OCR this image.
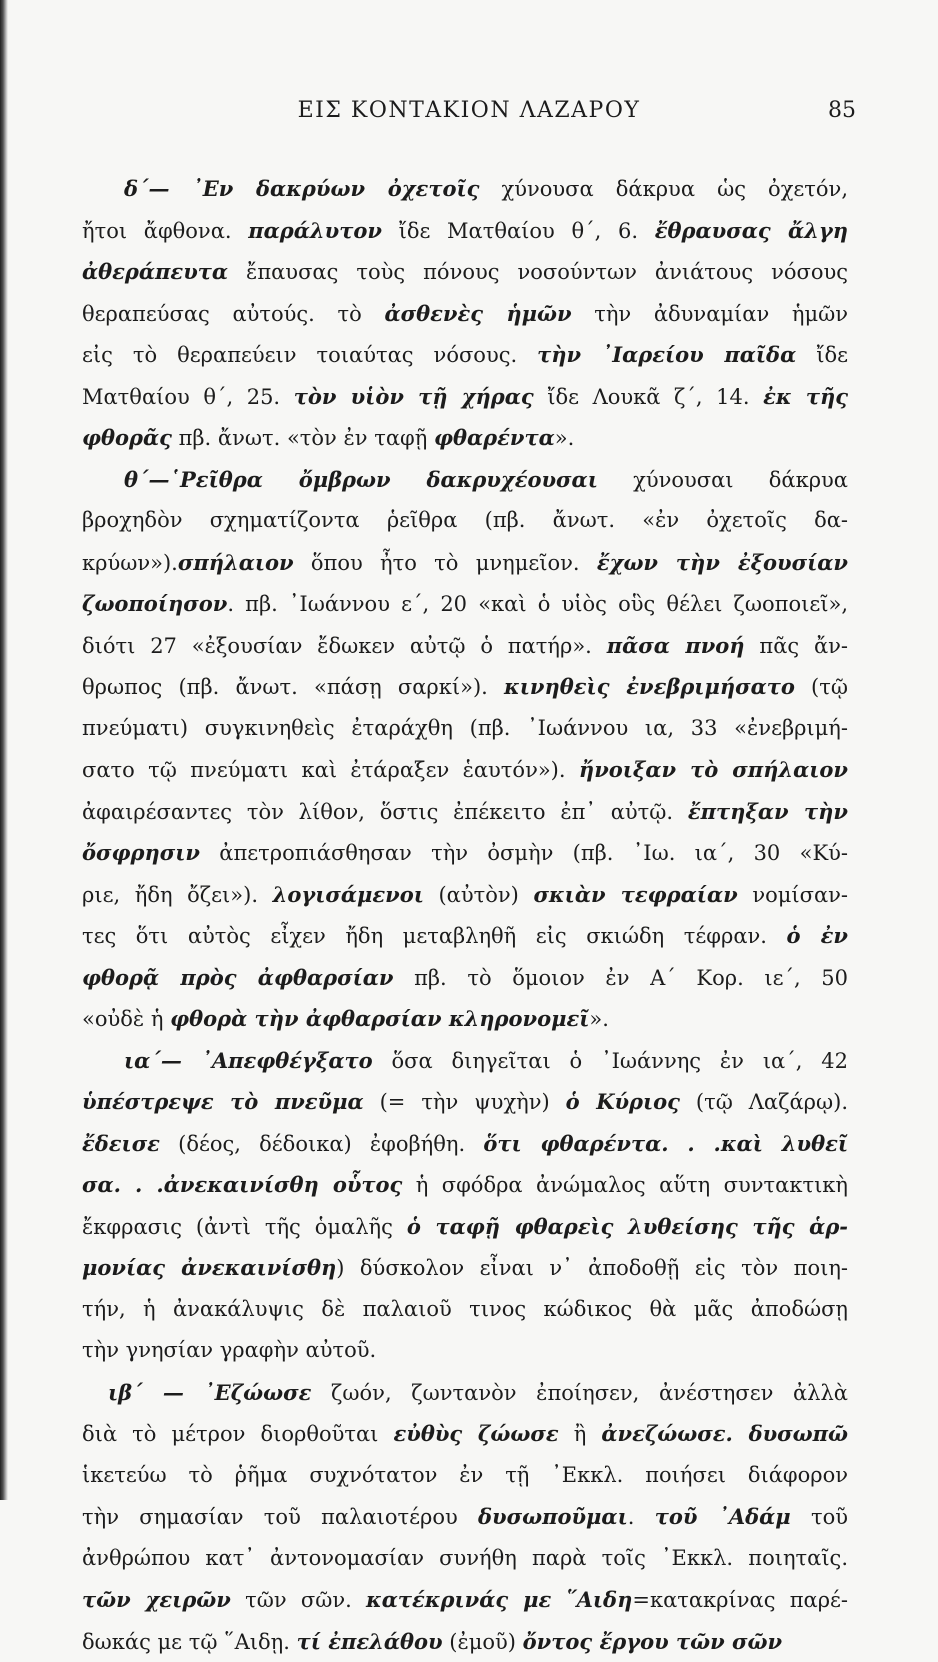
ΕΙΣ ΚΟΝΤΑΚΙΟΝ ΛΑΖΑΡΟΥ	85
δ΄— ᾽Εν δακρύων ὀχετοῖς χύνουσα δάκρυα ὡς ὀχετόν,
ἤτοι ἄφθονα. παράλυτον ἴδε Ματθαίου θ΄, 6. ἔθραυσας ἄλγη
ἀθεράπευτα ἔπαυσας τοὺς πόνους νοσούντων ἀνιάτους νόσους
θεραπεύσας αὐτούς. τὸ ἀσθενὲς ἡμῶν τὴν ἀδυναμίαν ἡμῶν
εἰς τὸ θεραπεύειν τοιαύτας νόσους. τὴν ᾽Ιαρείου παῖδα ἴδε
Ματθαίου θ΄, 25. τὸν υἱὸν τῇ χήρας ἴδε Λουκᾶ ζ΄, 14. ἐκ τῆς
φθορᾶς πβ. ἄνωτ. «τὸν ἐν ταφῇ φθαρέντα».
θ΄—῾Ρεῖθρα ὄμβρων δακρυχέουσαι χύνουσαι δάκρυα
βροχηδὸν σχηματίζοντα ῥεῖθρα (πβ. ἄνωτ. «ἐν ὀχετοῖς δα-
κρύων»).σπήλαιον ὅπου ἦτο τὸ μνημεῖον. ἔχων τὴν ἐξουσίαν
ζωοποίησον. πβ. ᾽Ιωάννου ε΄, 20 «καὶ ὁ υἱὸς οὓς θέλει ζωοποιεῖ»,
διότι 27 «ἐξουσίαν ἔδωκεν αὐτῷ ὁ πατήρ». πᾶσα πνοή πᾶς ἄν-
θρωπος (πβ. ἄνωτ. «πάσῃ σαρκί»). κινηθεὶς ἐνεβριμήσατο (τῷ
πνεύματι) συγκινηθεὶς ἐταράχθη (πβ. ᾽Ιωάννου ια, 33 «ἐνεβριμή-
σατο τῷ πνεύματι καὶ ἐτάραξεν ἑαυτόν»). ἤνοιξαν τὸ σπήλαιον
ἀφαιρέσαντες τὸν λίθον, ὅστις ἐπέκειτο ἐπ᾽ αὐτῷ. ἔπτηξαν τὴν
ὄσφρησιν ἀπετροπιάσθησαν τὴν ὀσμὴν (πβ. ᾽Ιω. ια΄, 30 «Κύ-
ριε, ἤδη ὄζει»). λογισάμενοι (αὐτὸν) σκιὰν τεφραίαν νομίσαν-
τες ὅτι αὐτὸς εἶχεν ἤδη μεταβληθῆ εἰς σκιώδη τέφραν. ὁ ἐν
φθορᾷ πρὸς ἀφθαρσίαν πβ. τὸ ὅμοιον ἐν Α΄ Κορ. ιε΄, 50
«οὐδὲ ἡ φθορὰ τὴν ἀφθαρσίαν κληρονομεῖ».
ια΄— ᾽Απεφθέγξατο ὅσα διηγεῖται ὁ ᾽Ιωάννης ἐν ια΄, 42
ὑπέστρεψε τὸ πνεῦμα (= τὴν ψυχὴν) ὁ Κύριος (τῷ Λαζάρῳ).
ἔδεισε (δέος, δέδοικα) ἐφοβήθη. ὅτι φθαρέντα. . .καὶ λυθεῖ
σα. . .ἀνεκαινίσθη οὗτος ἡ σφόδρα ἀνώμαλος αὕτη συντακτικὴ
ἔκφρασις (ἀντὶ τῆς ὁμαλῆς ὁ ταφῇ φθαρεὶς λυθείσης τῆς ἁρ-
μονίας ἀνεκαινίσθη) δύσκολον εἶναι ν᾽ ἀποδοθῇ εἰς τὸν ποιη-
τήν, ἡ ἀνακάλυψις δὲ παλαιοῦ τινος κώδικος θὰ μᾶς ἀποδώσῃ
τὴν γνησίαν γραφὴν αὐτοῦ.
ιβ΄ — ᾽Εζώωσε ζωόν, ζωντανὸν ἐποίησεν, ἀνέστησεν ἀλλὰ
διὰ τὸ μέτρον διορθοῦται εὐθὺς ζώωσε ἢ ἀνεζώωσε. δυσωπῶ
ἱκετεύω τὸ ῥῆμα συχνότατον ἐν τῇ ᾽Εκκλ. ποιήσει διάφορον
τὴν σημασίαν τοῦ παλαιοτέρου δυσωποῦμαι. τοῦ ᾽Αδάμ τοῦ
ἀνθρώπου κατ᾽ ἀντονομασίαν συνήθη παρὰ τοῖς ᾽Εκκλ. ποιηταῖς.
τῶν χειρῶν τῶν σῶν. κατέκρινάς με ῞Αιδη=κατακρίνας παρέ-
δωκάς με τῷ ῞Αιδῃ. τί ἐπελάθου (ἐμοῦ) ὄντος ἔργου τῶν σῶν
